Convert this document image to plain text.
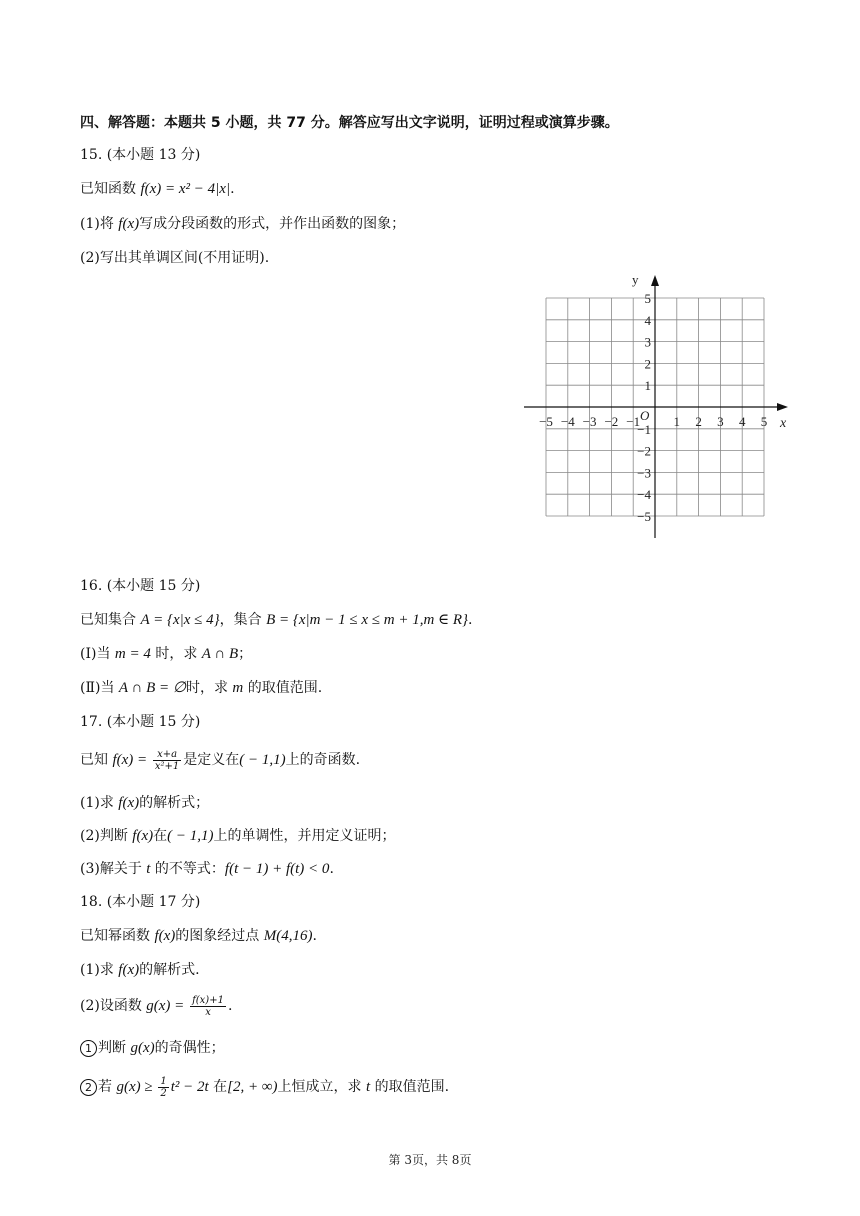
四、解答题：本题共 5 小题，共 77 分。解答应写出文字说明，证明过程或演算步骤。
15. (本小题 13 分)
已知函数 f(x) = x² − 4|x|.
(1)将 f(x)写成分段函数的形式，并作出函数的图象；
(2)写出其单调区间(不用证明).
y
x
O
−5 −4 −3 −2 −1	1 2 3 4 5
5
4
3
2
1
−1
−2
−3
−4
−5
16. (本小题 15 分)
已知集合 A = {x|x ≤ 4}，集合 B = {x|m − 1 ≤ x ≤ m + 1,m ∈ R}.
(Ⅰ)当 m = 4 时，求 A ∩ B；
(Ⅱ)当 A ∩ B = ∅时，求 m 的取值范围.
17. (本小题 15 分)
已知 $f(x) = \frac{x+a}{\text{x²+1}}$ 是定义在( − 1,1)上的奇函数.
(1)求 f(x)的解析式；
(2)判断 f(x)在( − 1,1)上的单调性，并用定义证明；
(3)解关于 t 的不等式：f(t − 1) + f(t) < 0.
18. (本小题 17 分)
已知幂函数 f(x)的图象经过点 M(4,16).
(1)求 f(x)的解析式.
(2)设函数 $g(x) = \frac{f(x)+1}{x}$ .
1 判断 g(x)的奇偶性；
2 若 $g(x) \ge \frac{1}{2} t^2 - 2t$ 在[2, + ∞)上恒成立，求 t 的取值范围.
第 3页，共 8页
